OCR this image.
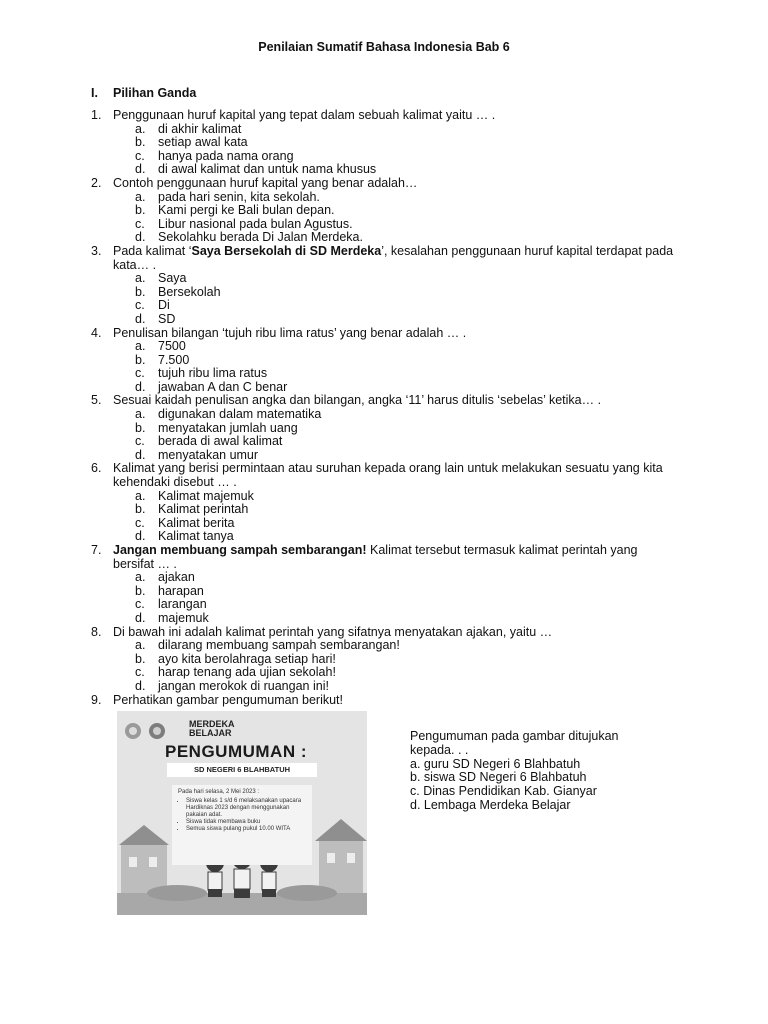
Penilaian Sumatif Bahasa Indonesia Bab 6
I. Pilihan Ganda
1. Penggunaan huruf kapital yang tepat dalam sebuah kalimat yaitu … .
a. di akhir kalimat
b. setiap awal kata
c. hanya pada nama orang
d. di awal kalimat dan untuk nama khusus
2. Contoh penggunaan huruf kapital yang benar adalah…
a. pada hari senin, kita sekolah.
b. Kami pergi ke Bali bulan depan.
c. Libur nasional pada bulan Agustus.
d. Sekolahku berada Di Jalan Merdeka.
3. Pada kalimat ‘Saya Bersekolah di SD Merdeka’, kesalahan penggunaan huruf kapital terdapat pada kata… .
a. Saya
b. Bersekolah
c. Di
d. SD
4. Penulisan bilangan ‘tujuh ribu lima ratus’ yang benar adalah … .
a. 7500
b. 7.500
c. tujuh ribu lima ratus
d. jawaban A dan C benar
5. Sesuai kaidah penulisan angka dan bilangan, angka ‘11’ harus ditulis ‘sebelas’ ketika… .
a. digunakan dalam matematika
b. menyatakan jumlah uang
c. berada di awal kalimat
d. menyatakan umur
6. Kalimat yang berisi permintaan atau suruhan kepada orang lain untuk melakukan sesuatu yang kita kehendaki disebut … .
a. Kalimat majemuk
b. Kalimat perintah
c. Kalimat berita
d. Kalimat tanya
7. Jangan membuang sampah sembarangan! Kalimat tersebut termasuk kalimat perintah yang bersifat … .
a. ajakan
b. harapan
c. larangan
d. majemuk
8. Di bawah ini adalah kalimat perintah yang sifatnya menyatakan ajakan, yaitu …
a. dilarang membuang sampah sembarangan!
b. ayo kita berolahraga setiap hari!
c. harap tenang ada ujian sekolah!
d. jangan merokok di ruangan ini!
9. Perhatikan gambar pengumuman berikut!
MERDEKA BELAJAR
PENGUMUMAN :
SD NEGERI 6 BLAHBATUH
Pada hari selasa, 2 Mei 2023 :
• Siswa kelas 1 s/d 6 melaksanakan upacara Hardiknas 2023 dengan menggunakan pakaian adat.
• Siswa tidak membawa buku
• Semua siswa pulang pukul 10.00 WITA
Pengumuman pada gambar ditujukan kepada. . .
a. guru SD Negeri 6 Blahbatuh
b. siswa SD Negeri 6 Blahbatuh
c. Dinas Pendidikan Kab. Gianyar
d. Lembaga Merdeka Belajar
